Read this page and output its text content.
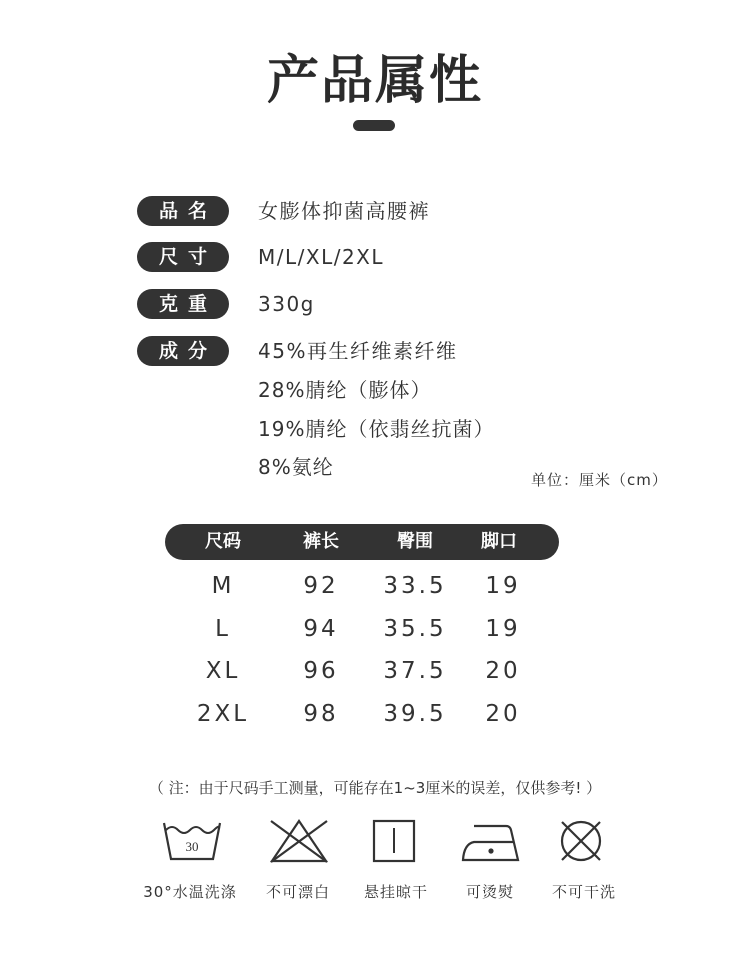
产品属性
品名	女膨体抑菌高腰裤
尺寸	M/L/XL/2XL
克重	330g
成分	45%再生纤维素纤维
28%腈纶（膨体）
19%腈纶（依翡丝抗菌）
8%氨纶
单位：厘米（cm）
尺码	裤长	臀围	脚口
M	92	33.5	19
L	94	35.5	19
XL	96	37.5	20
2XL	98	39.5	20
（ 注：由于尺码手工测量，可能存在1~3厘米的误差，仅供参考! ）
30
30°水温洗涤	不可漂白	悬挂晾干	可烫熨	不可干洗
